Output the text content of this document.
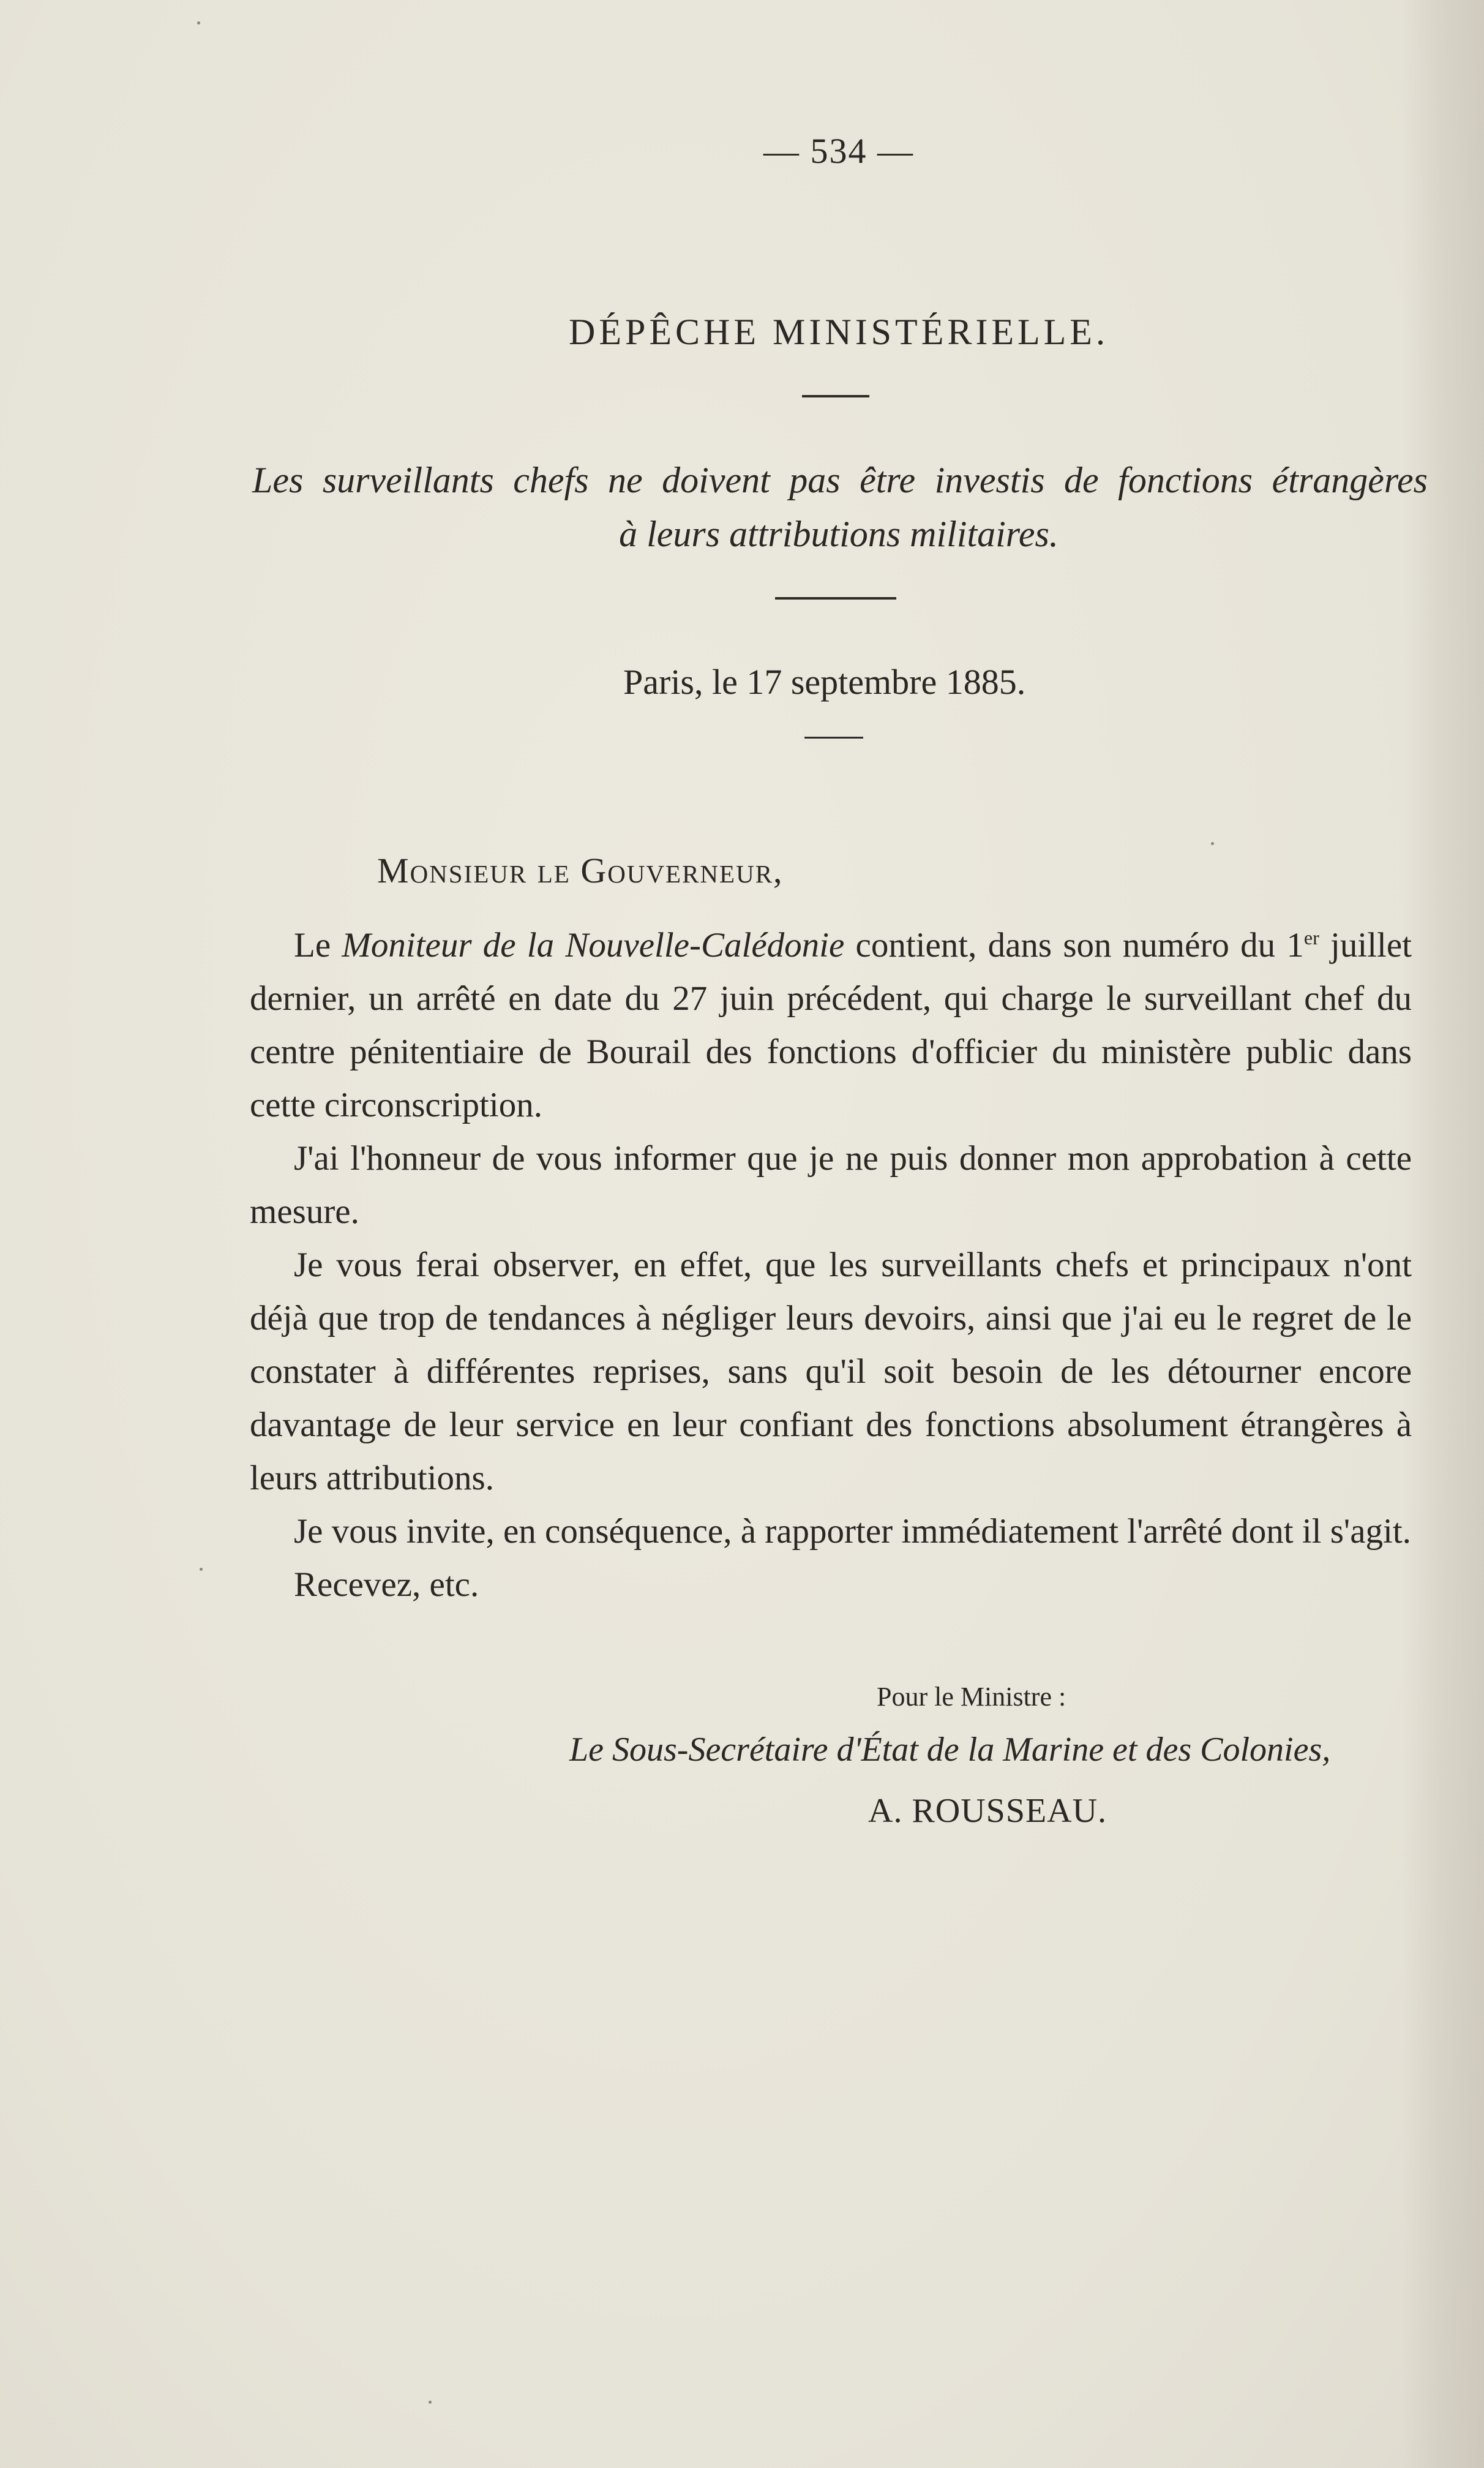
— 534 —
DÉPÊCHE MINISTÉRIELLE.
Les surveillants chefs ne doivent pas être investis de fonctions étrangères
à leurs attributions militaires.
Paris, le 17 septembre 1885.
Monsieur le Gouverneur,

Le Moniteur de la Nouvelle-Calédonie contient, dans son numéro du 1er juillet dernier, un arrêté en date du 27 juin précédent, qui charge le surveillant chef du centre pénitentiaire de Bourail des fonctions d'officier du ministère public dans cette circonscription.

J'ai l'honneur de vous informer que je ne puis donner mon approbation à cette mesure.

Je vous ferai observer, en effet, que les surveillants chefs et principaux n'ont déjà que trop de tendances à négliger leurs devoirs, ainsi que j'ai eu le regret de le constater à différentes reprises, sans qu'il soit besoin de les détourner encore davantage de leur service en leur confiant des fonctions absolument étrangères à leurs attributions.

Je vous invite, en conséquence, à rapporter immédiatement l'arrêté dont il s'agit.

Recevez, etc.

Pour le Ministre :
Le Sous-Secrétaire d'État de la Marine et des Colonies,
A. ROUSSEAU.
